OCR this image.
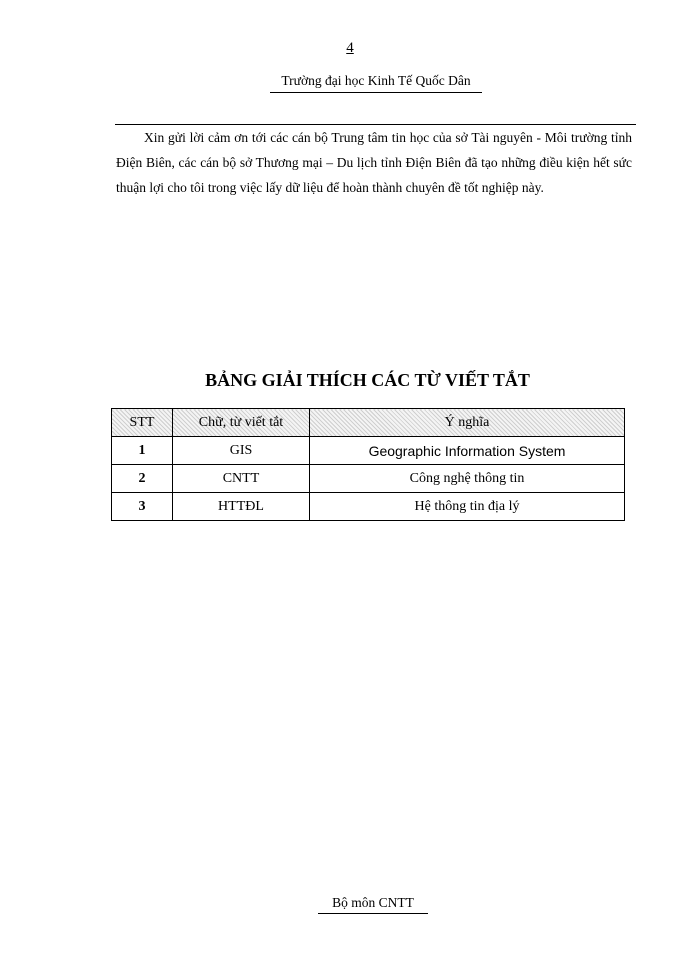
4

Trường đại học Kinh Tế Quốc Dân

Xin gửi lời cảm ơn tới các cán bộ Trung tâm tin học của sở Tài nguyên - Môi trường tỉnh Điện Biên, các cán bộ sở Thương mại – Du lịch tỉnh Điện Biên đã tạo những điều kiện hết sức thuận lợi cho tôi trong việc lấy dữ liệu để hoàn thành chuyên đề tốt nghiệp này.

BẢNG GIẢI THÍCH CÁC TỪ VIẾT TẮT
STT	Chữ, từ viết tắt	Ý nghĩa
1	GIS	Geographic Information System
2	CNTT	Công nghệ thông tin
3	HTTĐL	Hệ thông tin địa lý

Bộ môn CNTT
